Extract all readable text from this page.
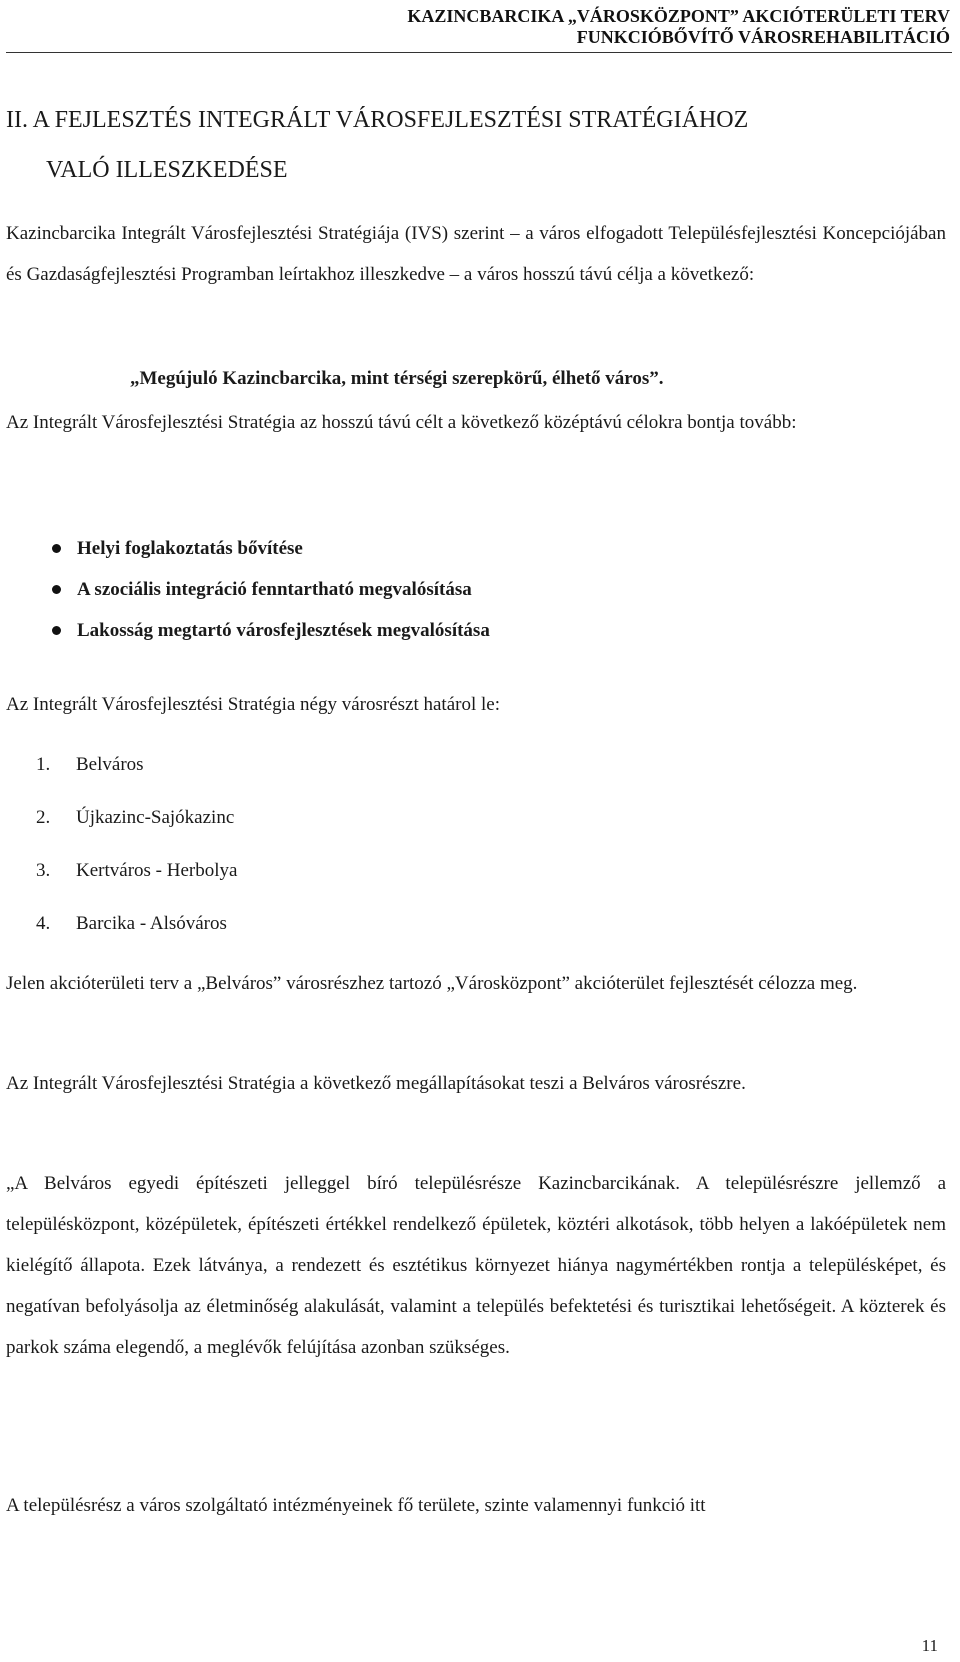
KAZINCBARCIKA „VÁROSKÖZPONT” AKCIÓTERÜLETI TERV
FUNKCIÓBŐVÍTŐ VÁROSREHABILITÁCIÓ
II. A FEJLESZTÉS INTEGRÁLT VÁROSFEJLESZTÉSI STRATÉGIÁHOZ
VALÓ ILLESZKEDÉSE

Kazincbarcika Integrált Városfejlesztési Stratégiája (IVS) szerint – a város elfogadott Településfejlesztési Koncepciójában és Gazdaságfejlesztési Programban leírtakhoz illeszkedve – a város hosszú távú célja a következő:

„Megújuló Kazincbarcika, mint térségi szerepkörű, élhető város”.

Az Integrált Városfejlesztési Stratégia az hosszú távú célt a következő középtávú célokra bontja tovább:

Helyi foglakoztatás bővítése
A szociális integráció fenntartható megvalósítása
Lakosság megtartó városfejlesztések megvalósítása

Az Integrált Városfejlesztési Stratégia négy városrészt határol le:

1. Belváros
2. Újkazinc-Sajókazinc
3. Kertváros - Herbolya
4. Barcika - Alsóváros

Jelen akcióterületi terv a „Belváros” városrészhez tartozó „Városközpont” akcióterület fejlesztését célozza meg.

Az Integrált Városfejlesztési Stratégia a következő megállapításokat teszi a Belváros városrészre.

„A Belváros egyedi építészeti jelleggel bíró településrésze Kazincbarcikának. A településrészre jellemző a településközpont, középületek, építészeti értékkel rendelkező épületek, köztéri alkotások, több helyen a lakóépületek nem kielégítő állapota. Ezek látványa, a rendezett és esztétikus környezet hiánya nagymértékben rontja a településképet, és negatívan befolyásolja az életminőség alakulását, valamint a település befektetési és turisztikai lehetőségeit. A közterek és parkok száma elegendő, a meglévők felújítása azonban szükséges.

A településrész a város szolgáltató intézményeinek fő területe, szinte valamennyi funkció itt

11
